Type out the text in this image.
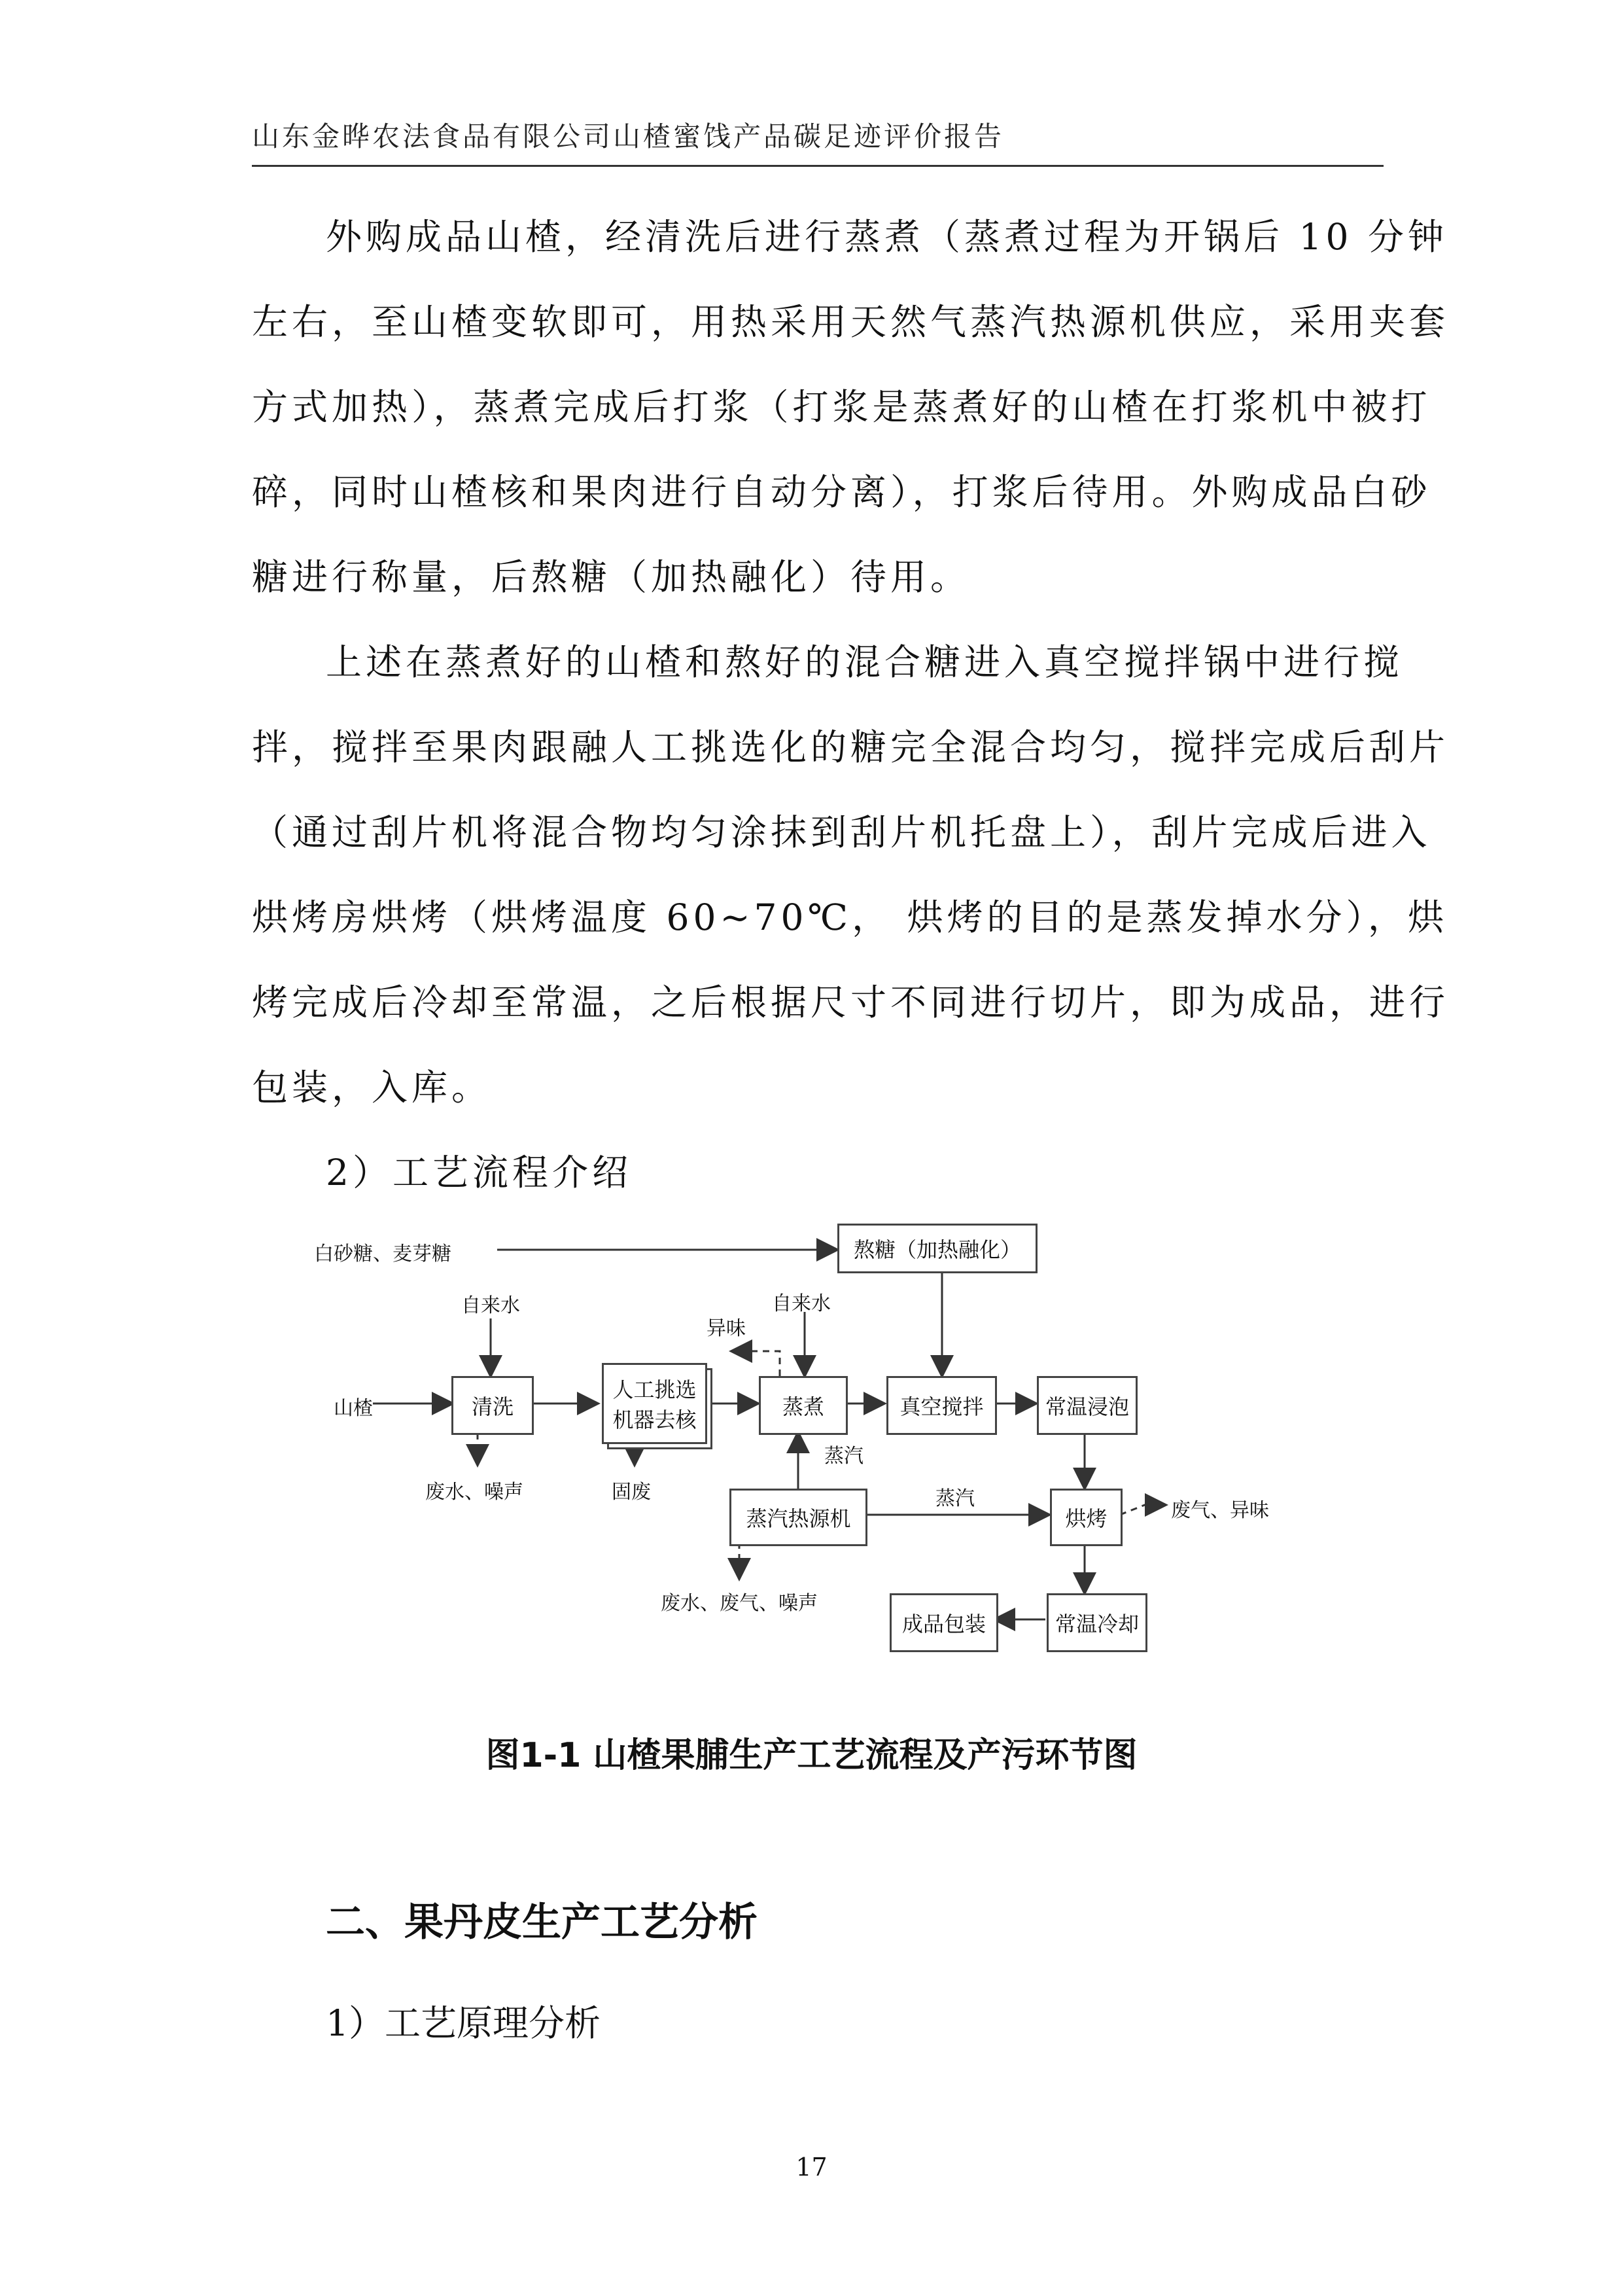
山东金晔农法食品有限公司山楂蜜饯产品碳足迹评价报告
外购成品山楂，经清洗后进行蒸煮（蒸煮过程为开锅后 10 分钟
左右，至山楂变软即可，用热采用天然气蒸汽热源机供应，采用夹套
方式加热），蒸煮完成后打浆（打浆是蒸煮好的山楂在打浆机中被打
碎，同时山楂核和果肉进行自动分离），打浆后待用。外购成品白砂
糖进行称量，后熬糖（加热融化）待用。
上述在蒸煮好的山楂和熬好的混合糖进入真空搅拌锅中进行搅
拌，搅拌至果肉跟融人工挑选化的糖完全混合均匀，搅拌完成后刮片
（通过刮片机将混合物均匀涂抹到刮片机托盘上），刮片完成后进入
烘烤房烘烤（烘烤温度 60~70℃， 烘烤的目的是蒸发掉水分），烘
烤完成后冷却至常温，之后根据尺寸不同进行切片，即为成品，进行
包装，入库。
2）工艺流程介绍
熬糖（加热融化）
清洗
人工挑选
机器去核
蒸煮	真空搅拌	常温浸泡
蒸汽热源机	烘烤
成品包装	常温冷却
白砂糖、麦芽糖
自来水	自来水
异味
山楂
蒸汽
蒸汽
废水、噪声	固废
废气、异味
废水、废气、噪声
图1-1 山楂果脯生产工艺流程及产污环节图
二、果丹皮生产工艺分析
1）工艺原理分析
17
